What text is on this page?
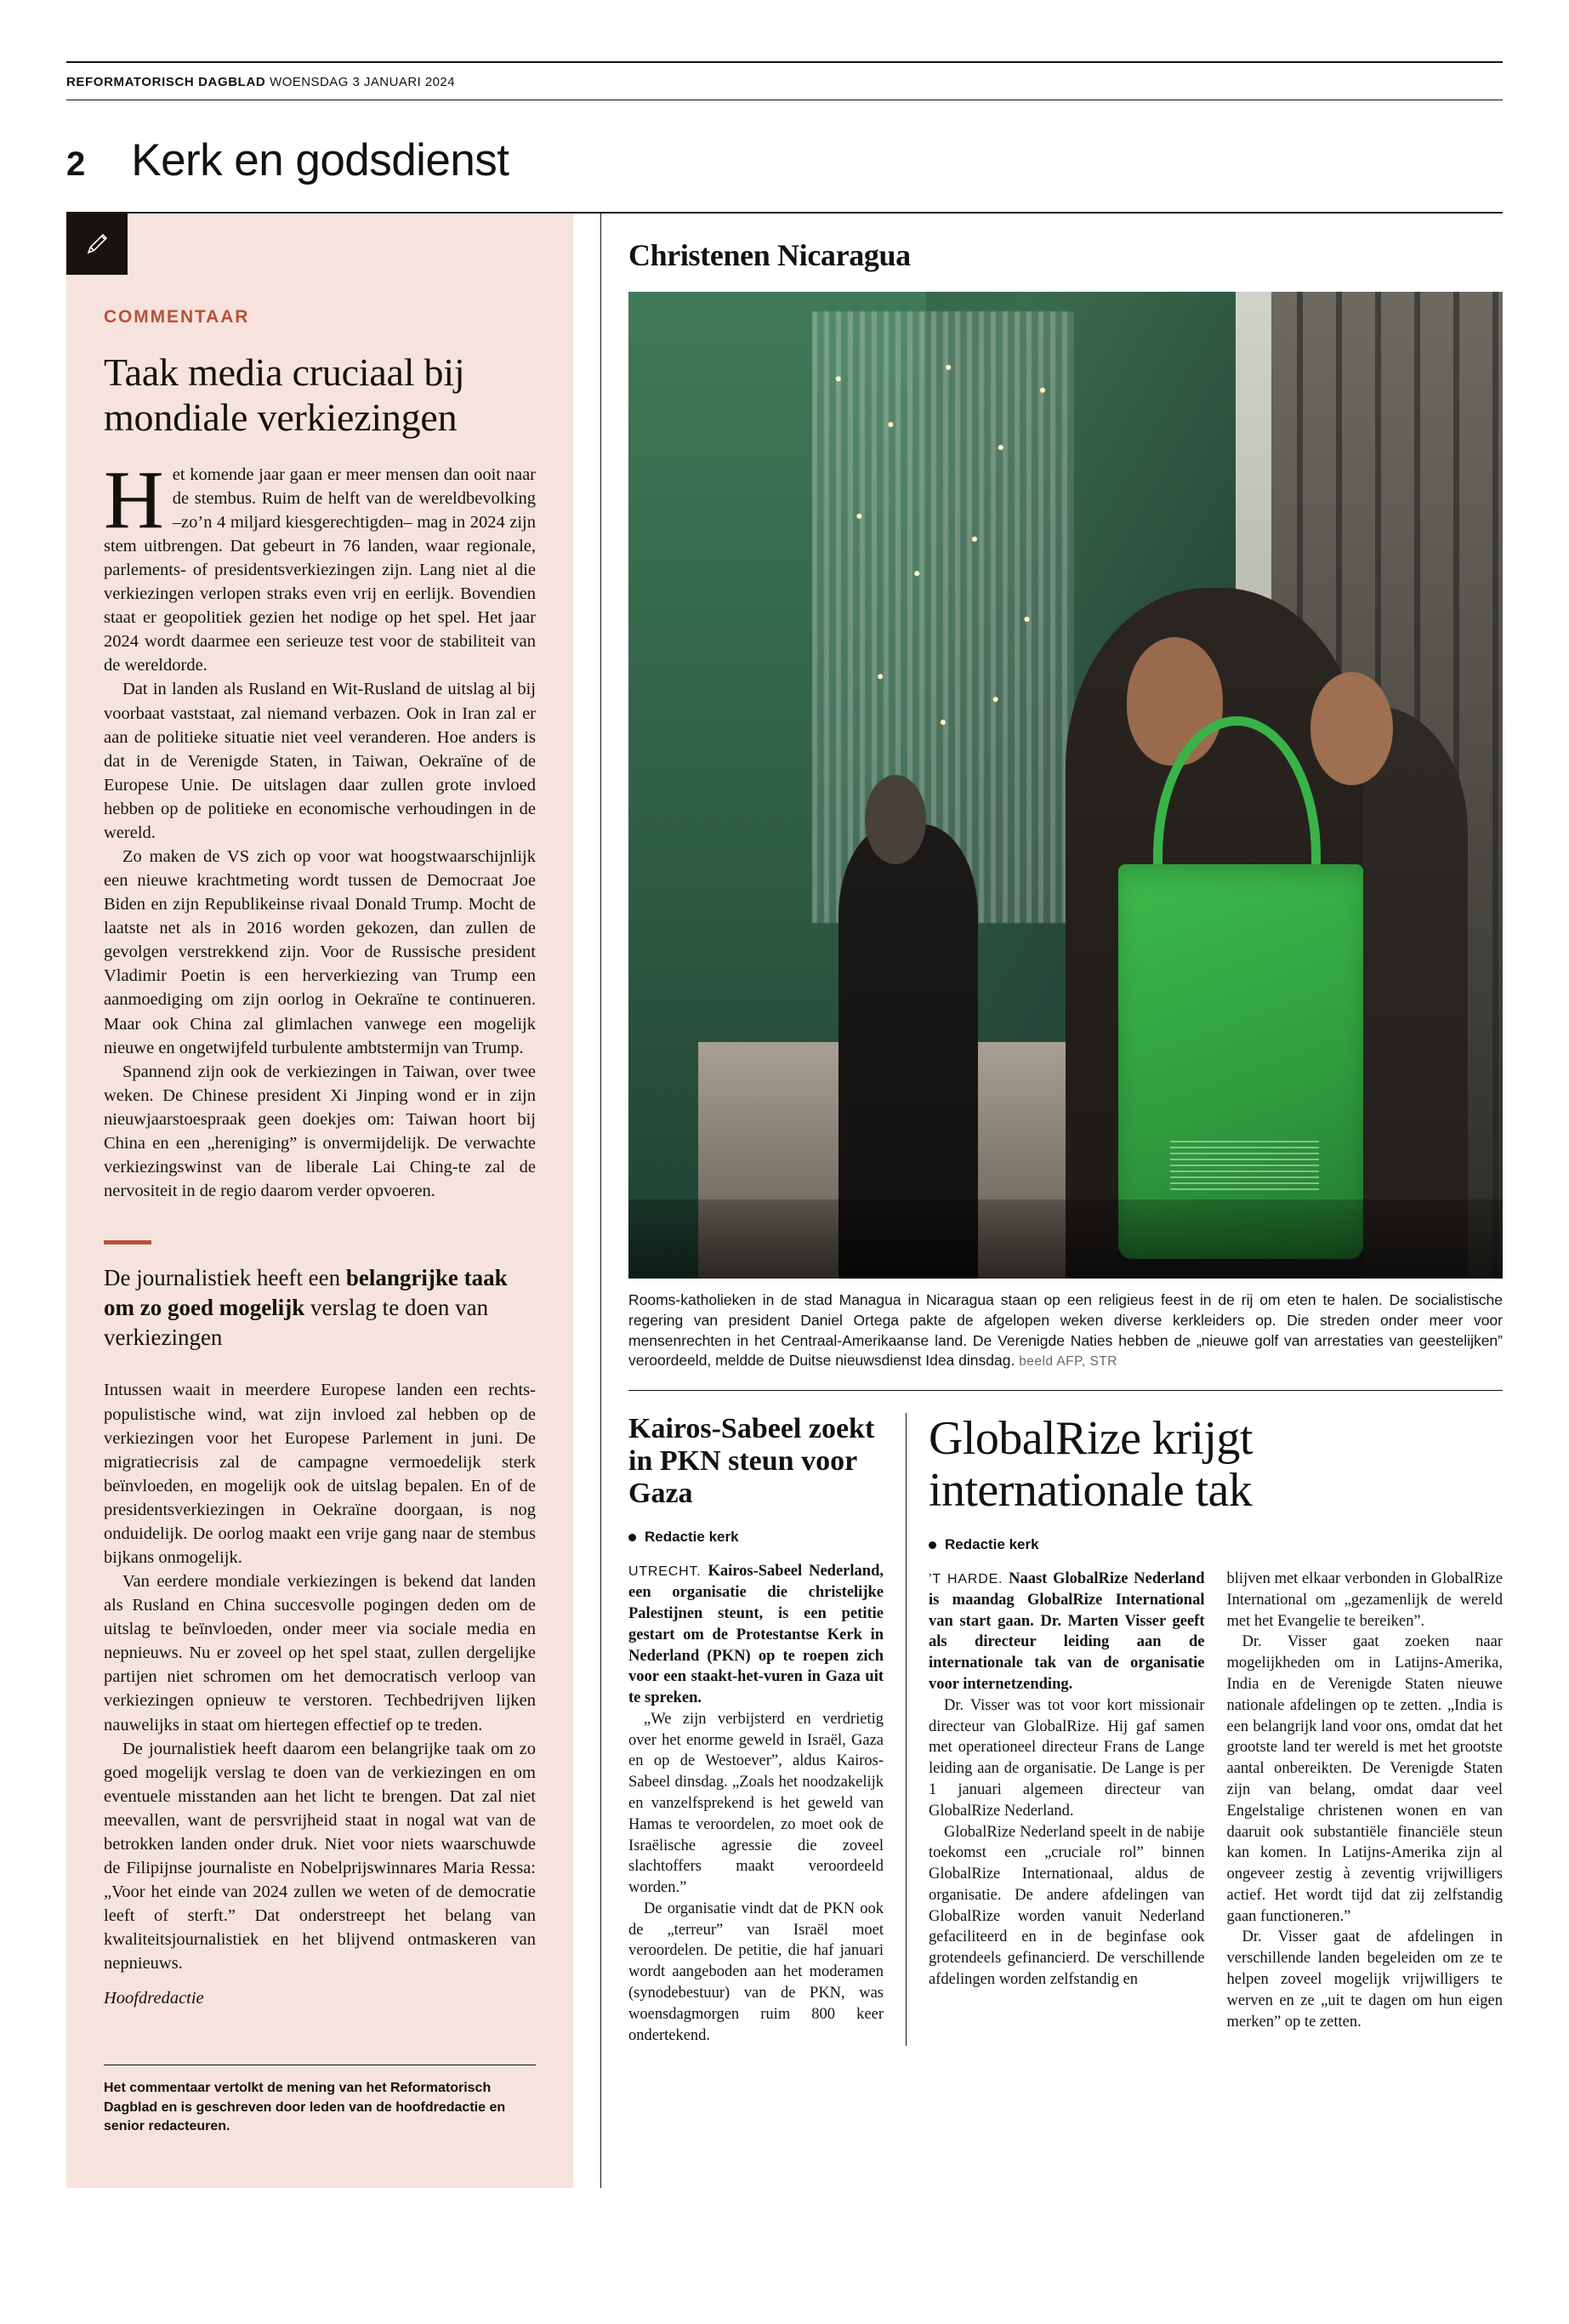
REFORMATORISCH DAGBLAD WOENSDAG 3 JANUARI 2024
2 Kerk en godsdienst
COMMENTAAR
Taak media cruciaal bij mondiale verkiezingen

Het komende jaar gaan er meer mensen dan ooit naar de stembus. Ruim de helft van de wereldbevolking –zo’n 4 miljard kiesgerechtigden– mag in 2024 zijn stem uitbrengen. Dat gebeurt in 76 landen, waar regionale, parlements- of presidentsverkiezingen zijn. Lang niet al die verkiezingen verlopen straks even vrij en eerlijk. Bovendien staat er geopolitiek gezien het nodige op het spel. Het jaar 2024 wordt daarmee een serieuze test voor de stabiliteit van de wereldorde.

Dat in landen als Rusland en Wit-Rusland de uitslag al bij voorbaat vaststaat, zal niemand verbazen. Ook in Iran zal er aan de politieke situatie niet veel veranderen. Hoe anders is dat in de Verenigde Staten, in Taiwan, Oekraïne of de Europese Unie. De uitslagen daar zullen grote invloed hebben op de politieke en economische verhoudingen in de wereld.

Zo maken de VS zich op voor wat hoogstwaarschijnlijk een nieuwe krachtmeting wordt tussen de Democraat Joe Biden en zijn Republikeinse rivaal Donald Trump. Mocht de laatste net als in 2016 worden gekozen, dan zullen de gevolgen verstrekkend zijn. Voor de Russische president Vladimir Poetin is een herverkiezing van Trump een aanmoediging om zijn oorlog in Oekraïne te continueren. Maar ook China zal glimlachen vanwege een mogelijk nieuwe en ongetwijfeld turbulente ambtstermijn van Trump.

Spannend zijn ook de verkiezingen in Taiwan, over twee weken. De Chinese president Xi Jinping wond er in zijn nieuwjaarstoespraak geen doekjes om: Taiwan hoort bij China en een „hereniging” is onvermijdelijk. De verwachte verkiezingswinst van de liberale Lai Ching-te zal de nervositeit in de regio daarom verder opvoeren.

De journalistiek heeft een belangrijke taak om zo goed mogelijk verslag te doen van verkiezingen

Intussen waait in meerdere Europese landen een rechts-populistische wind, wat zijn invloed zal hebben op de verkiezingen voor het Europese Parlement in juni. De migratiecrisis zal de campagne vermoedelijk sterk beïnvloeden, en mogelijk ook de uitslag bepalen. En of de presidentsverkiezingen in Oekraïne doorgaan, is nog onduidelijk. De oorlog maakt een vrije gang naar de stembus bijkans onmogelijk.

Van eerdere mondiale verkiezingen is bekend dat landen als Rusland en China succesvolle pogingen deden om de uitslag te beïnvloeden, onder meer via sociale media en nepnieuws. Nu er zoveel op het spel staat, zullen dergelijke partijen niet schromen om het democratisch verloop van verkiezingen opnieuw te verstoren. Techbedrijven lijken nauwelijks in staat om hiertegen effectief op te treden.

De journalistiek heeft daarom een belangrijke taak om zo goed mogelijk verslag te doen van de verkiezingen en om eventuele misstanden aan het licht te brengen. Dat zal niet meevallen, want de persvrijheid staat in nogal wat van de betrokken landen onder druk. Niet voor niets waarschuwde de Filipijnse journaliste en Nobelprijswinnares Maria Ressa: „Voor het einde van 2024 zullen we weten of de democratie leeft of sterft.” Dat onderstreept het belang van kwaliteitsjournalistiek en het blijvend ontmaskeren van nepnieuws.

Hoofdredactie
Het commentaar vertolkt de mening van het Reformatorisch Dagblad en is geschreven door leden van de hoofdredactie en senior redacteuren.
Christenen Nicaragua
Rooms-katholieken in de stad Managua in Nicaragua staan op een religieus feest in de rij om eten te halen. De socialistische regering van president Daniel Ortega pakte de afgelopen weken diverse kerkleiders op. Die streden onder meer voor mensenrechten in het Centraal-Amerikaanse land. De Verenigde Naties hebben de „nieuwe golf van arrestaties van geestelijken” veroordeeld, meldde de Duitse nieuwsdienst Idea dinsdag. beeld AFP, STR
Kairos-Sabeel zoekt in PKN steun voor Gaza
Redactie kerk

UTRECHT. Kairos-Sabeel Nederland, een organisatie die christelijke Palestijnen steunt, is een petitie gestart om de Protestantse Kerk in Nederland (PKN) op te roepen zich voor een staakt-het-vuren in Gaza uit te spreken.

„We zijn verbijsterd en verdrietig over het enorme geweld in Israël, Gaza en op de Westoever”, aldus Kairos-Sabeel dinsdag. „Zoals het noodzakelijk en vanzelfsprekend is het geweld van Hamas te veroordelen, zo moet ook de Israëlische agressie die zoveel slachtoffers maakt veroordeeld worden.”

De organisatie vindt dat de PKN ook de „terreur” van Israël moet veroordelen. De petitie, die haf januari wordt aangeboden aan het moderamen (synodebestuur) van de PKN, was woensdagmorgen ruim 800 keer ondertekend.

GlobalRize krijgt internationale tak
Redactie kerk

’T HARDE. Naast GlobalRize Nederland is maandag GlobalRize International van start gaan. Dr. Marten Visser geeft als directeur leiding aan de internationale tak van de organisatie voor internetzending.

Dr. Visser was tot voor kort missionair directeur van GlobalRize. Hij gaf samen met operationeel directeur Frans de Lange leiding aan de organisatie. De Lange is per 1 januari algemeen directeur van GlobalRize Nederland.

GlobalRize Nederland speelt in de nabije toekomst een „cruciale rol” binnen GlobalRize Internationaal, aldus de organisatie. De andere afdelingen van GlobalRize worden vanuit Nederland gefaciliteerd en in de beginfase ook grotendeels gefinancierd. De verschillende afdelingen worden zelfstandig en

blijven met elkaar verbonden in GlobalRize International om „gezamenlijk de wereld met het Evangelie te bereiken”.

Dr. Visser gaat zoeken naar mogelijkheden om in Latijns-Amerika, India en de Verenigde Staten nieuwe nationale afdelingen op te zetten. „India is een belangrijk land voor ons, omdat dat het grootste land ter wereld is met het grootste aantal onbereikten. De Verenigde Staten zijn van belang, omdat daar veel Engelstalige christenen wonen en van daaruit ook substantiële financiële steun kan komen. In Latijns-Amerika zijn al ongeveer zestig à zeventig vrijwilligers actief. Het wordt tijd dat zij zelfstandig gaan functioneren.”

Dr. Visser gaat de afdelingen in verschillende landen begeleiden om ze te helpen zoveel mogelijk vrijwilligers te werven en ze „uit te dagen om hun eigen merken” op te zetten.
